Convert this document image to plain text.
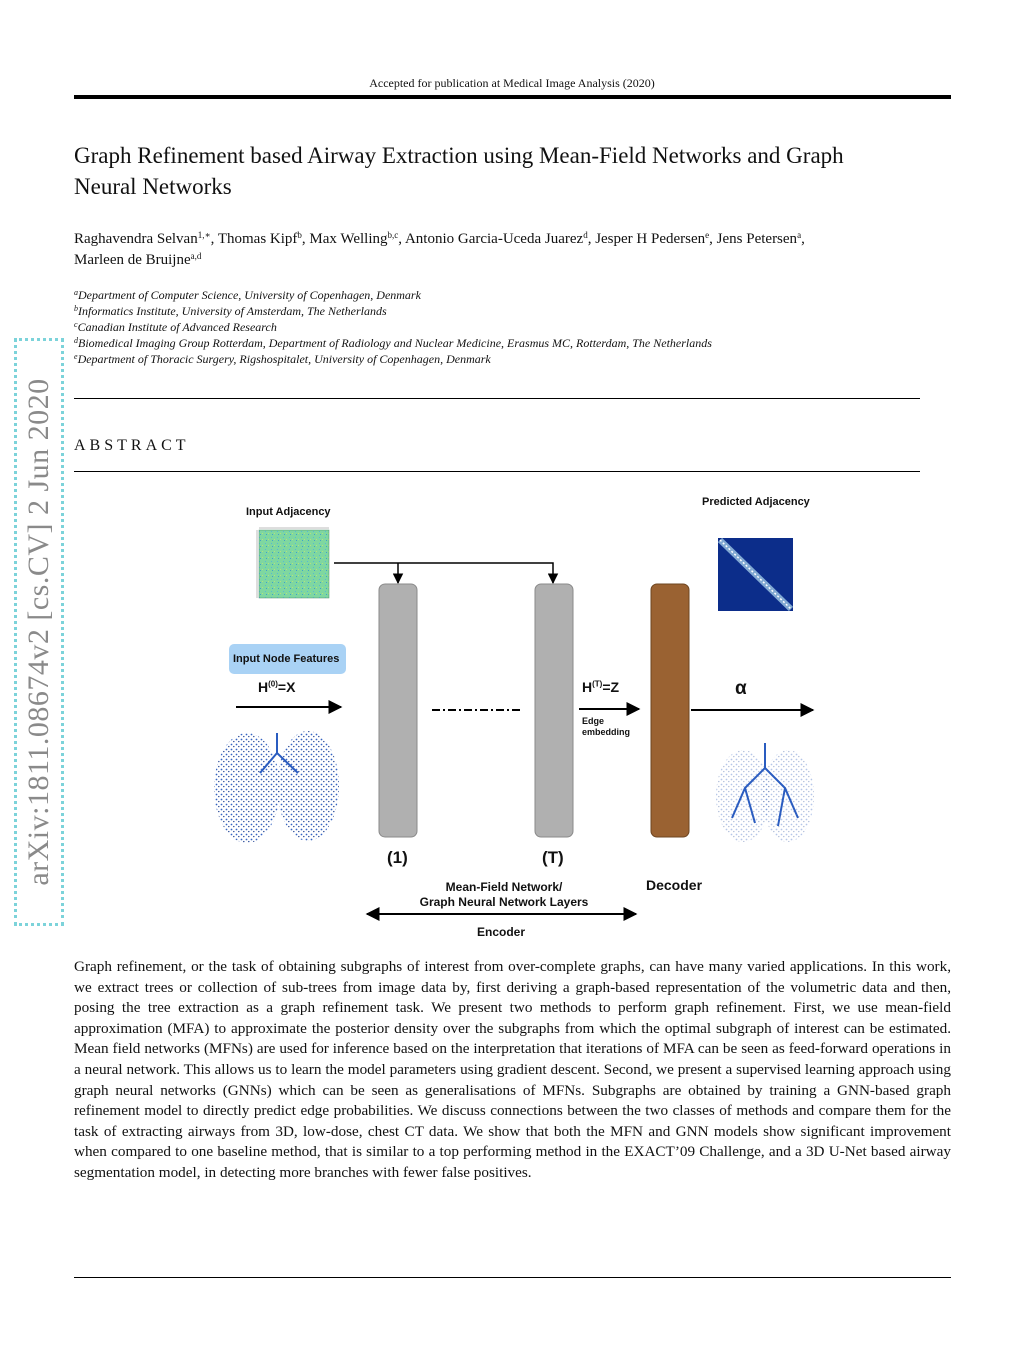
Accepted for publication at Medical Image Analysis (2020)
Graph Refinement based Airway Extraction using Mean-Field Networks and Graph
Neural Networks
Raghavendra Selvan$^{1,∗}$, Thomas Kipf$^b$, Max Welling$^{b,c}$, Antonio Garcia-Uceda Juarez$^d$, Jesper H Pedersen$^e$, Jens Petersen$^a$,
Marleen de Bruijne$^{a,d}$
$^a$Department of Computer Science, University of Copenhagen, Denmark
$^b$Informatics Institute, University of Amsterdam, The Netherlands
$^c$Canadian Institute of Advanced Research
$^d$Biomedical Imaging Group Rotterdam, Department of Radiology and Nuclear Medicine, Erasmus MC, Rotterdam, The Netherlands
$^e$Department of Thoracic Surgery, Rigshospitalet, University of Copenhagen, Denmark
ABSTRACT
arXiv:1811.08674v2 [cs.CV] 2 Jun 2020	Input Adjacency
Predicted Adjacency
Input Node Features
$H^{(0)}=X$	$H^{(T)}=Z$
Edge
embedding
α
(1)	(T)
Mean-Field Network/
Graph Neural Network Layers
Decoder
Encoder
Graph refinement, or the task of obtaining subgraphs of interest from over-complete graphs, can have many varied applications. In this work, we extract trees or collection of sub-trees from image data by, first deriving a graph-based representation of the volumetric data and then, posing the tree extraction as a graph refinement task. We present two methods to perform graph refinement. First, we use mean-field approximation (MFA) to approximate the posterior density over the subgraphs from which the optimal subgraph of interest can be estimated. Mean field networks (MFNs) are used for inference based on the interpretation that iterations of MFA can be seen as feed-forward operations in a neural network. This allows us to learn the model parameters using gradient descent. Second, we present a supervised learning approach using graph neural networks (GNNs) which can be seen as generalisations of MFNs. Subgraphs are obtained by training a GNN-based graph refinement model to directly predict edge probabilities. We discuss connections between the two classes of methods and compare them for the task of extracting airways from 3D, low-dose, chest CT data. We show that both the MFN and GNN models show significant improvement when compared to one baseline method, that is similar to a top performing method in the EXACT’09 Challenge, and a 3D U-Net based airway segmentation model, in detecting more branches with fewer false positives.
